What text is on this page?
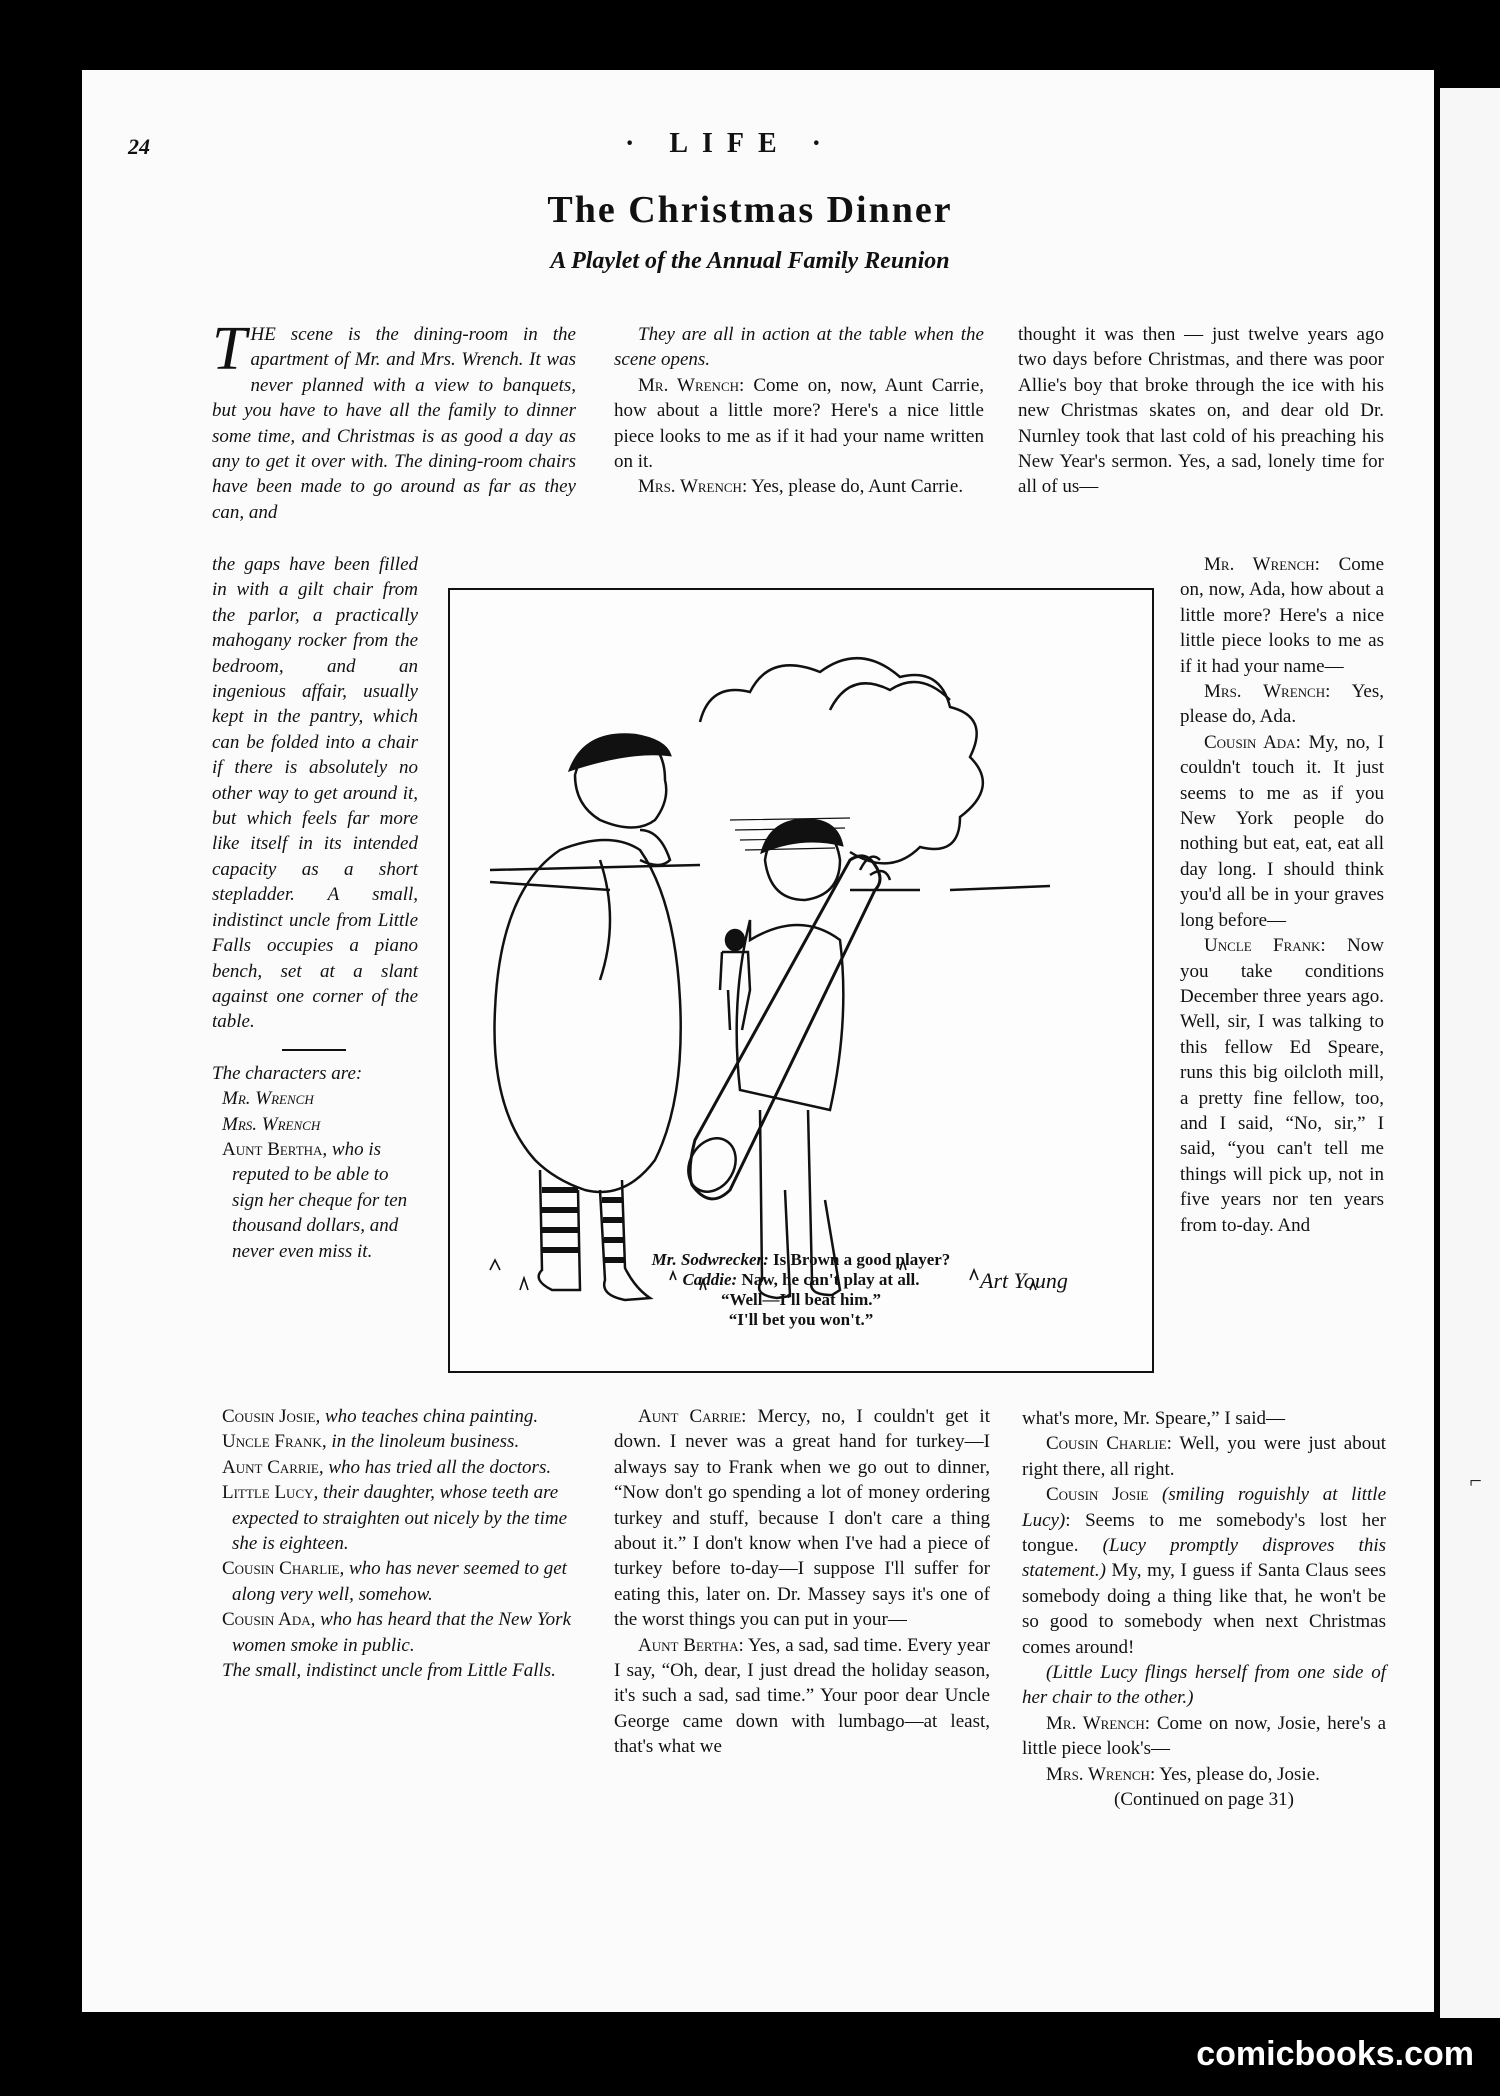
⌐
24	· LIFE ·
The Christmas Dinner
A Playlet of the Annual Family Reunion
T HE scene is the dining-room in the apartment of Mr. and Mrs. Wrench. It was never planned with a view to banquets, but you have to have all the family to dinner some time, and Christmas is as good a day as any to get it over with. The dining-room chairs have been made to go around as far as they can, and

the gaps have been filled in with a gilt chair from the parlor, a practically mahogany rocker from the bedroom, and an ingenious affair, usually kept in the pantry, which can be folded into a chair if there is absolutely no other way to get around it, but which feels far more like itself in its intended capacity as a short stepladder. A small, indistinct uncle from Little Falls occupies a piano bench, set at a slant against one corner of the table.

The characters are:

Mr. Wrench

Mrs. Wrench

Aunt Bertha, who is reputed to be able to sign her cheque for ten thousand dollars, and never even miss it.

Cousin Josie, who teaches china painting.

Uncle Frank, in the linoleum business.

Aunt Carrie, who has tried all the doctors.

Little Lucy, their daughter, whose teeth are expected to straighten out nicely by the time she is eighteen.

Cousin Charlie, who has never seemed to get along very well, somehow.

Cousin Ada, who has heard that the New York women smoke in public.

The small, indistinct uncle from Little Falls.

They are all in action at the table when the scene opens.

Mr. Wrench: Come on, now, Aunt Carrie, how about a little more? Here's a nice little piece looks to me as if it had your name written on it.

Mrs. Wrench: Yes, please do, Aunt Carrie.

Aunt Carrie: Mercy, no, I couldn't get it down. I never was a great hand for turkey—I always say to Frank when we go out to dinner, “Now don't go spending a lot of money ordering turkey and stuff, because I don't care a thing about it.” I don't know when I've had a piece of turkey before to-day—I suppose I'll suffer for eating this, later on. Dr. Massey says it's one of the worst things you can put in your—

Aunt Bertha: Yes, a sad, sad time. Every year I say, “Oh, dear, I just dread the holiday season, it's such a sad, sad time.” Your poor dear Uncle George came down with lumbago—at least, that's what we

thought it was then — just twelve years ago two days before Christmas, and there was poor Allie's boy that broke through the ice with his new Christmas skates on, and dear old Dr. Nurnley took that last cold of his preaching his New Year's sermon. Yes, a sad, lonely time for all of us—

Mr. Wrench: Come on, now, Ada, how about a little more? Here's a nice little piece looks to me as if it had your name—

Mrs. Wrench: Yes, please do, Ada.

Cousin Ada: My, no, I couldn't touch it. It just seems to me as if you New York people do nothing but eat, eat, eat all day long. I should think you'd all be in your graves long before—

Uncle Frank: Now you take conditions December three years ago. Well, sir, I was talking to this fellow Ed Speare, runs this big oilcloth mill, a pretty fine fellow, too, and I said, “No, sir,” I said, “you can't tell me things will pick up, not in five years nor ten years from to-day. And

what's more, Mr. Speare,” I said—

Cousin Charlie: Well, you were just about right there, all right.

Cousin Josie (smiling roguishly at little Lucy): Seems to me somebody's lost her tongue. (Lucy promptly disproves this statement.) My, my, I guess if Santa Claus sees somebody doing a thing like that, he won't be so good to somebody when next Christmas comes around!

(Little Lucy flings herself from one side of her chair to the other.)

Mr. Wrench: Come on now, Josie, here's a little piece look's—

Mrs. Wrench: Yes, please do, Josie.

(Continued on page 31)

Art Young
Mr. Sodwrecker: Is Brown a good player?
Caddie: Naw, he can't play at all.
“Well—I'll beat him.”
“I'll bet you won't.”
comicbooks.com
